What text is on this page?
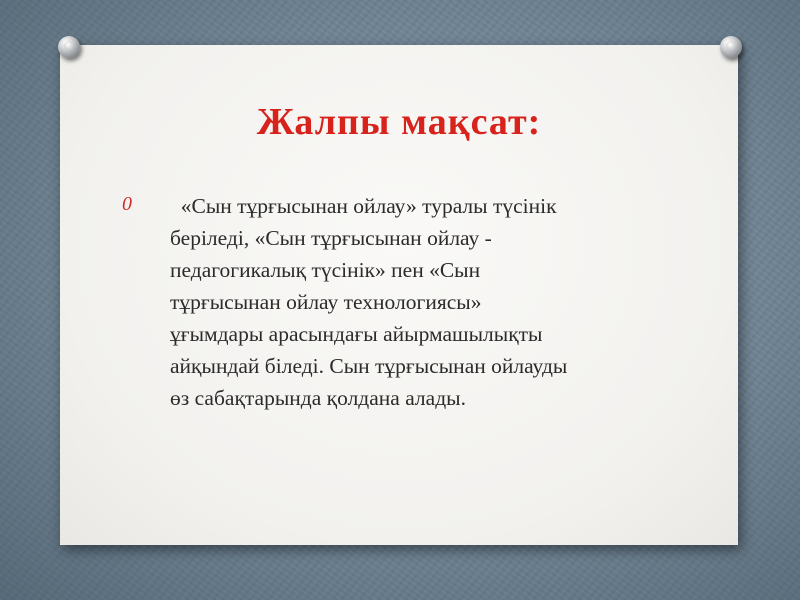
Жалпы мақсат:
0 «Сын тұрғысынан ойлау» туралы түсінік
беріледі, «Сын тұрғысынан ойлау -
педагогикалық түсінік» пен «Сын
тұрғысынан ойлау технологиясы»
ұғымдары арасындағы айырмашылықты
айқындай біледі. Сын тұрғысынан ойлауды
өз сабақтарында қолдана алады.
